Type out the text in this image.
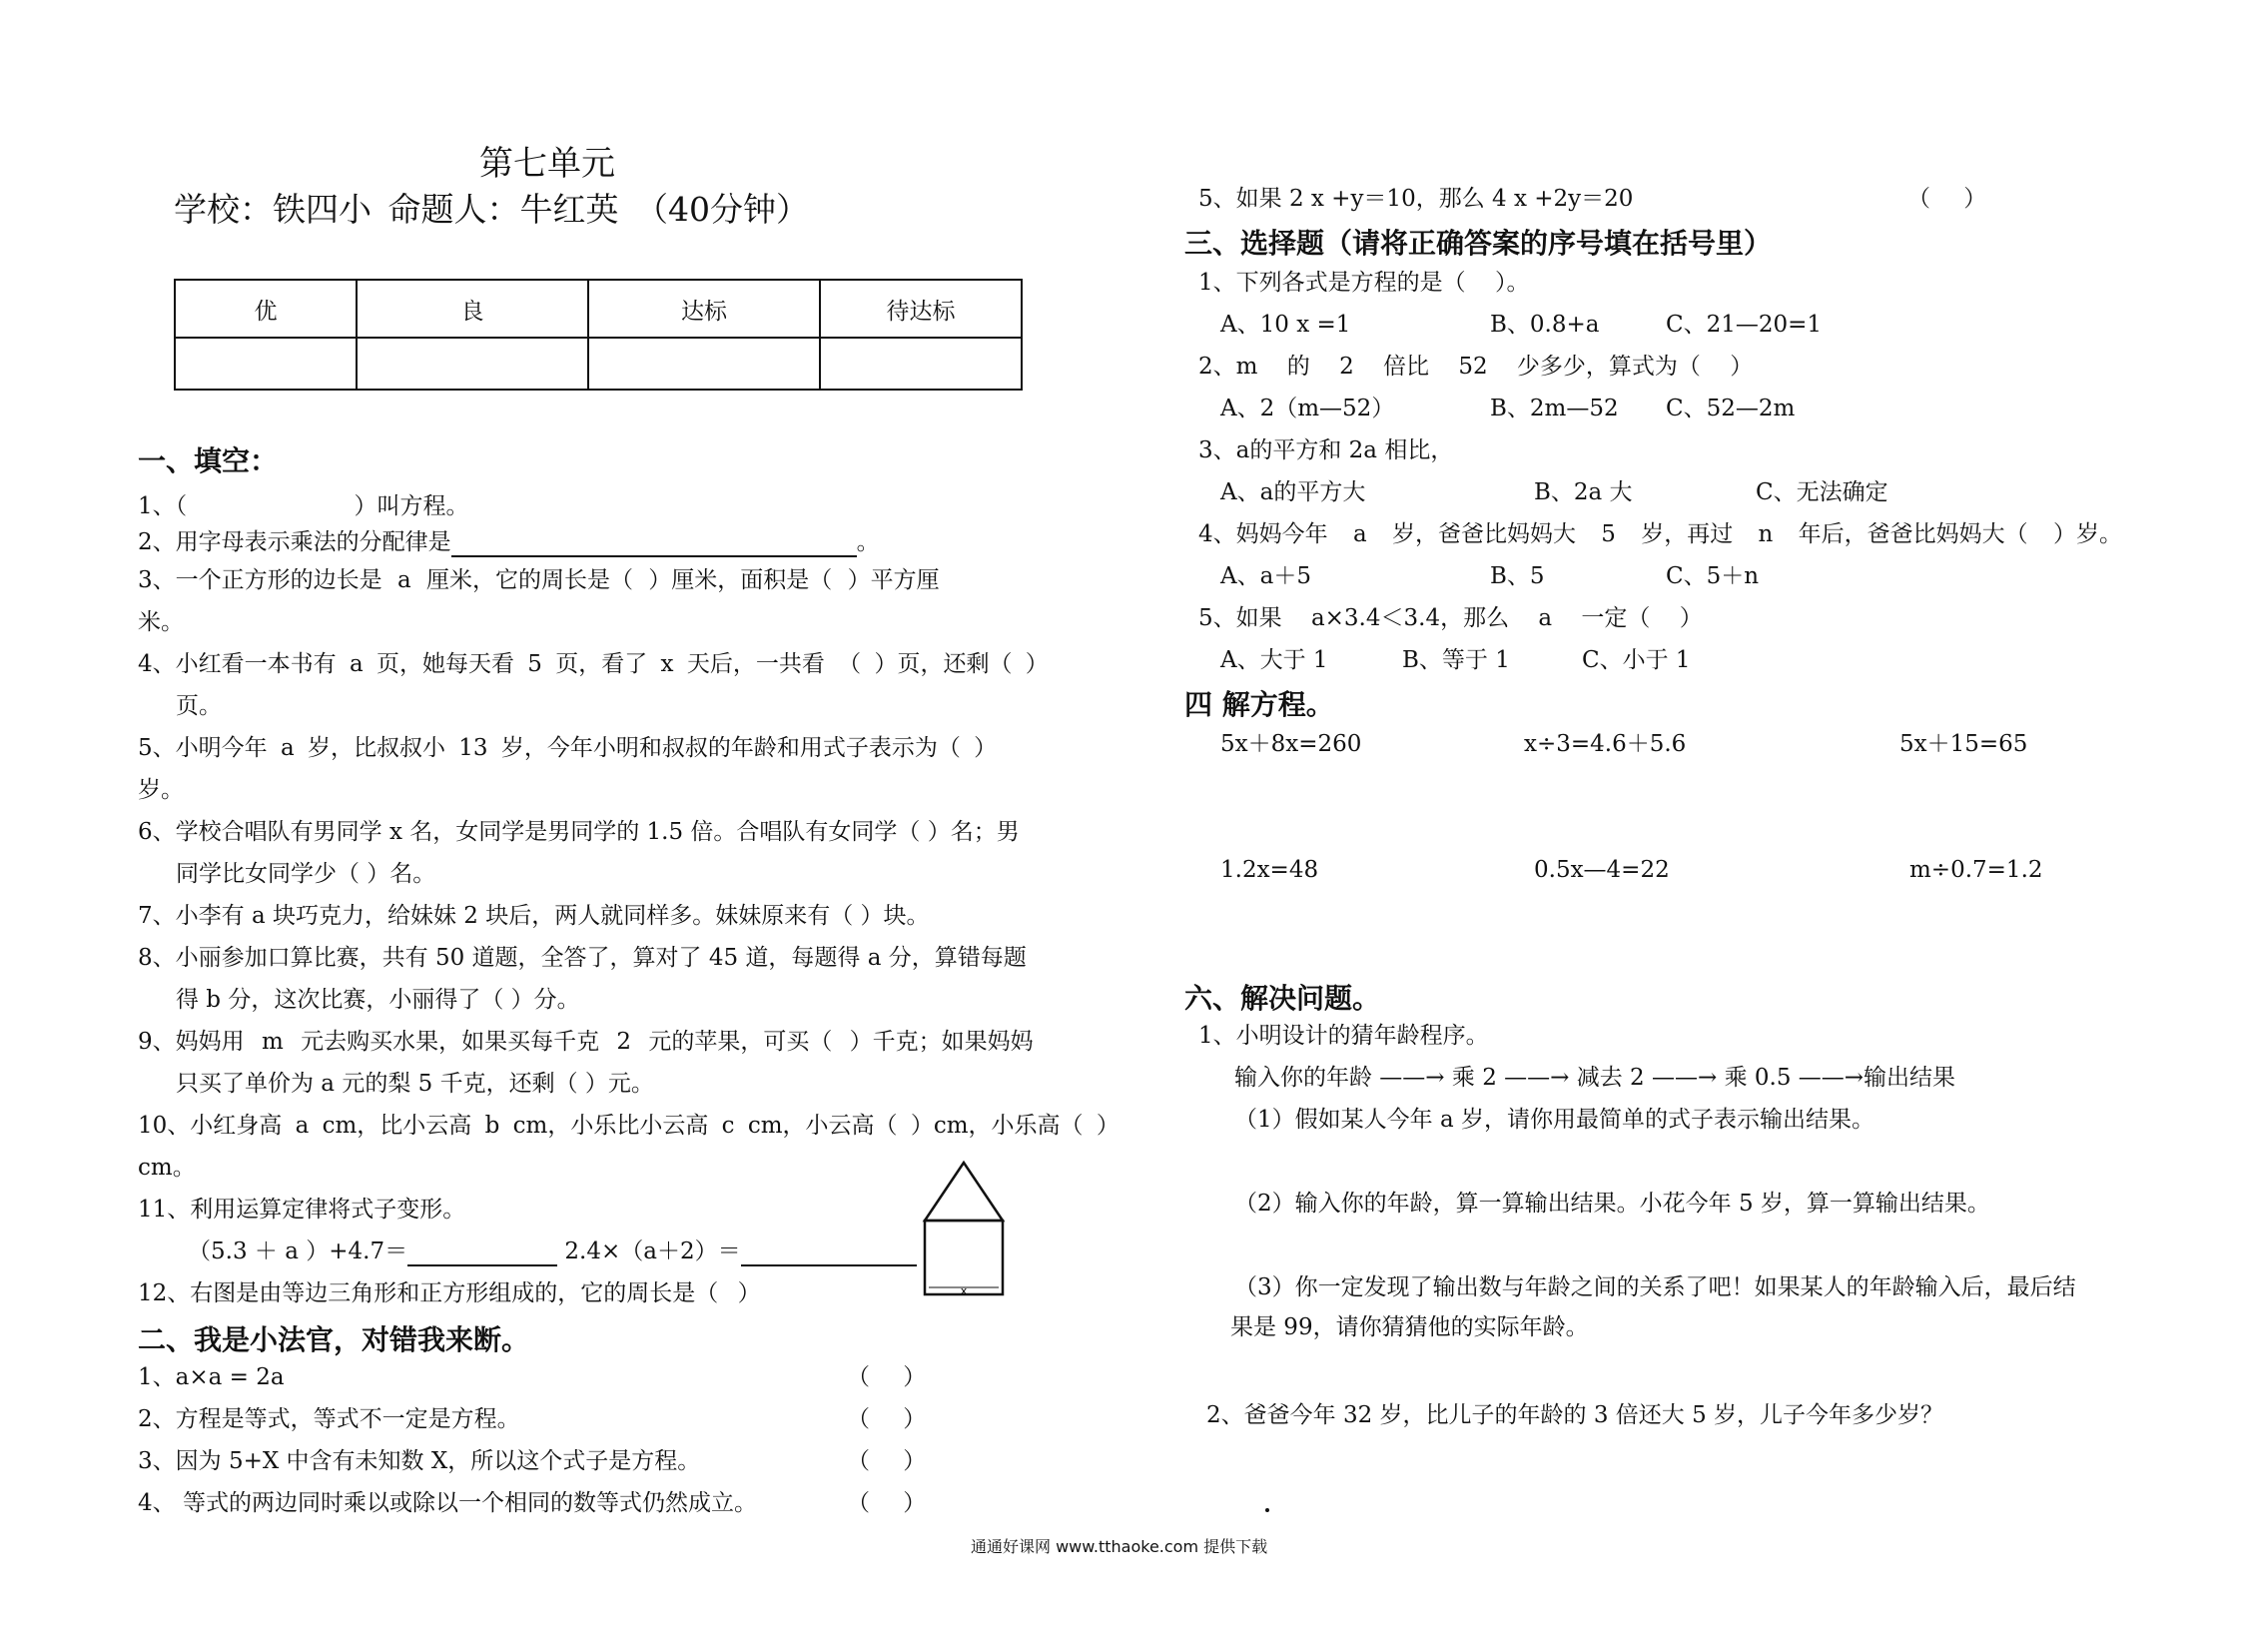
第七单元
学校：铁四小 命题人：牛红英 （40分钟）
优	良	达标	待达标

一、填空：
1、（ ）叫方程。
2、用字母表示乘法的分配律是	。
3、一个正方形的边长是 a 厘米，它的周长是（ ）厘米，面积是（ ）平方厘
米。
4、小红看一本书有 a 页，她每天看 5 页，看了 x 天后，一共看 （ ）页，还剩（ ）
页。
5、小明今年 a 岁，比叔叔小 13 岁，今年小明和叔叔的年龄和用式子表示为（ ）
岁。
6、学校合唱队有男同学 x 名，女同学是男同学的 1.5 倍。合唱队有女同学（ ）名；男
同学比女同学少（ ）名。
7、小李有 a 块巧克力，给妹妹 2 块后，两人就同样多。妹妹原来有（ ）块。
8、小丽参加口算比赛，共有 50 道题，全答了，算对了 45 道，每题得 a 分，算错每题
得 b 分，这次比赛，小丽得了（ ）分。
9、妈妈用 m 元去购买水果，如果买每千克 2 元的苹果，可买（ ）千克；如果妈妈
只买了单价为 a 元的梨 5 千克，还剩（ ）元。
10、小红身高 a cm，比小云高 b cm，小乐比小云高 c cm，小云高（ ）cm，小乐高（ ）
cm。
11、利用运算定律将式子变形。
（5.3 ＋ a ）+4.7＝	2.4×（a＋2）＝
12、右图是由等边三角形和正方形组成的，它的周长是（ ）	x
二、我是小法官，对错我来断。
1、a×a = 2a	（ ）
2、方程是等式，等式不一定是方程。	（ ）
3、因为 5+X 中含有未知数 X，所以这个式子是方程。	（ ）
4、 等式的两边同时乘以或除以一个相同的数等式仍然成立。	（ ）
5、如果 2 x +y＝10，那么 4 x +2y＝20	（ ）
三、选择题（请将正确答案的序号填在括号里）
1、下列各式是方程的是（ ）。
A、10 x =1	B、0.8+a	C、21—20=1
2、m 的 2 倍比 52 少多少，算式为（ ）
A、2（m—52）	B、2m—52 C、52—2m
3、a的平方和 2a 相比，
A、a的平方大	B、2a 大	C、无法确定
4、妈妈今年 a 岁，爸爸比妈妈大 5 岁，再过 n 年后，爸爸比妈妈大（ ）岁。
A、a＋5	B、5	C、5＋n
5、如果 a×3.4＜3.4，那么 a 一定（ ）
A、大于 1	B、等于 1	C、小于 1
四 解方程。
5x＋8x=260	x÷3=4.6＋5.6	5x＋15=65
1.2x=48	0.5x—4=22	m÷0.7=1.2
六、解决问题。
1、小明设计的猜年龄程序。
输入你的年龄 ——→ 乘 2 ——→ 减去 2 ——→ 乘 0.5 ——→输出结果
（1）假如某人今年 a 岁，请你用最简单的式子表示输出结果。
（2）输入你的年龄，算一算输出结果。小花今年 5 岁，算一算输出结果。
（3）你一定发现了输出数与年龄之间的关系了吧！如果某人的年龄输入后，最后结
果是 99，请你猜猜他的实际年龄。
2、爸爸今年 32 岁，比儿子的年龄的 3 倍还大 5 岁，儿子今年多少岁？
通通好课网 www.tthaoke.com 提供下载
